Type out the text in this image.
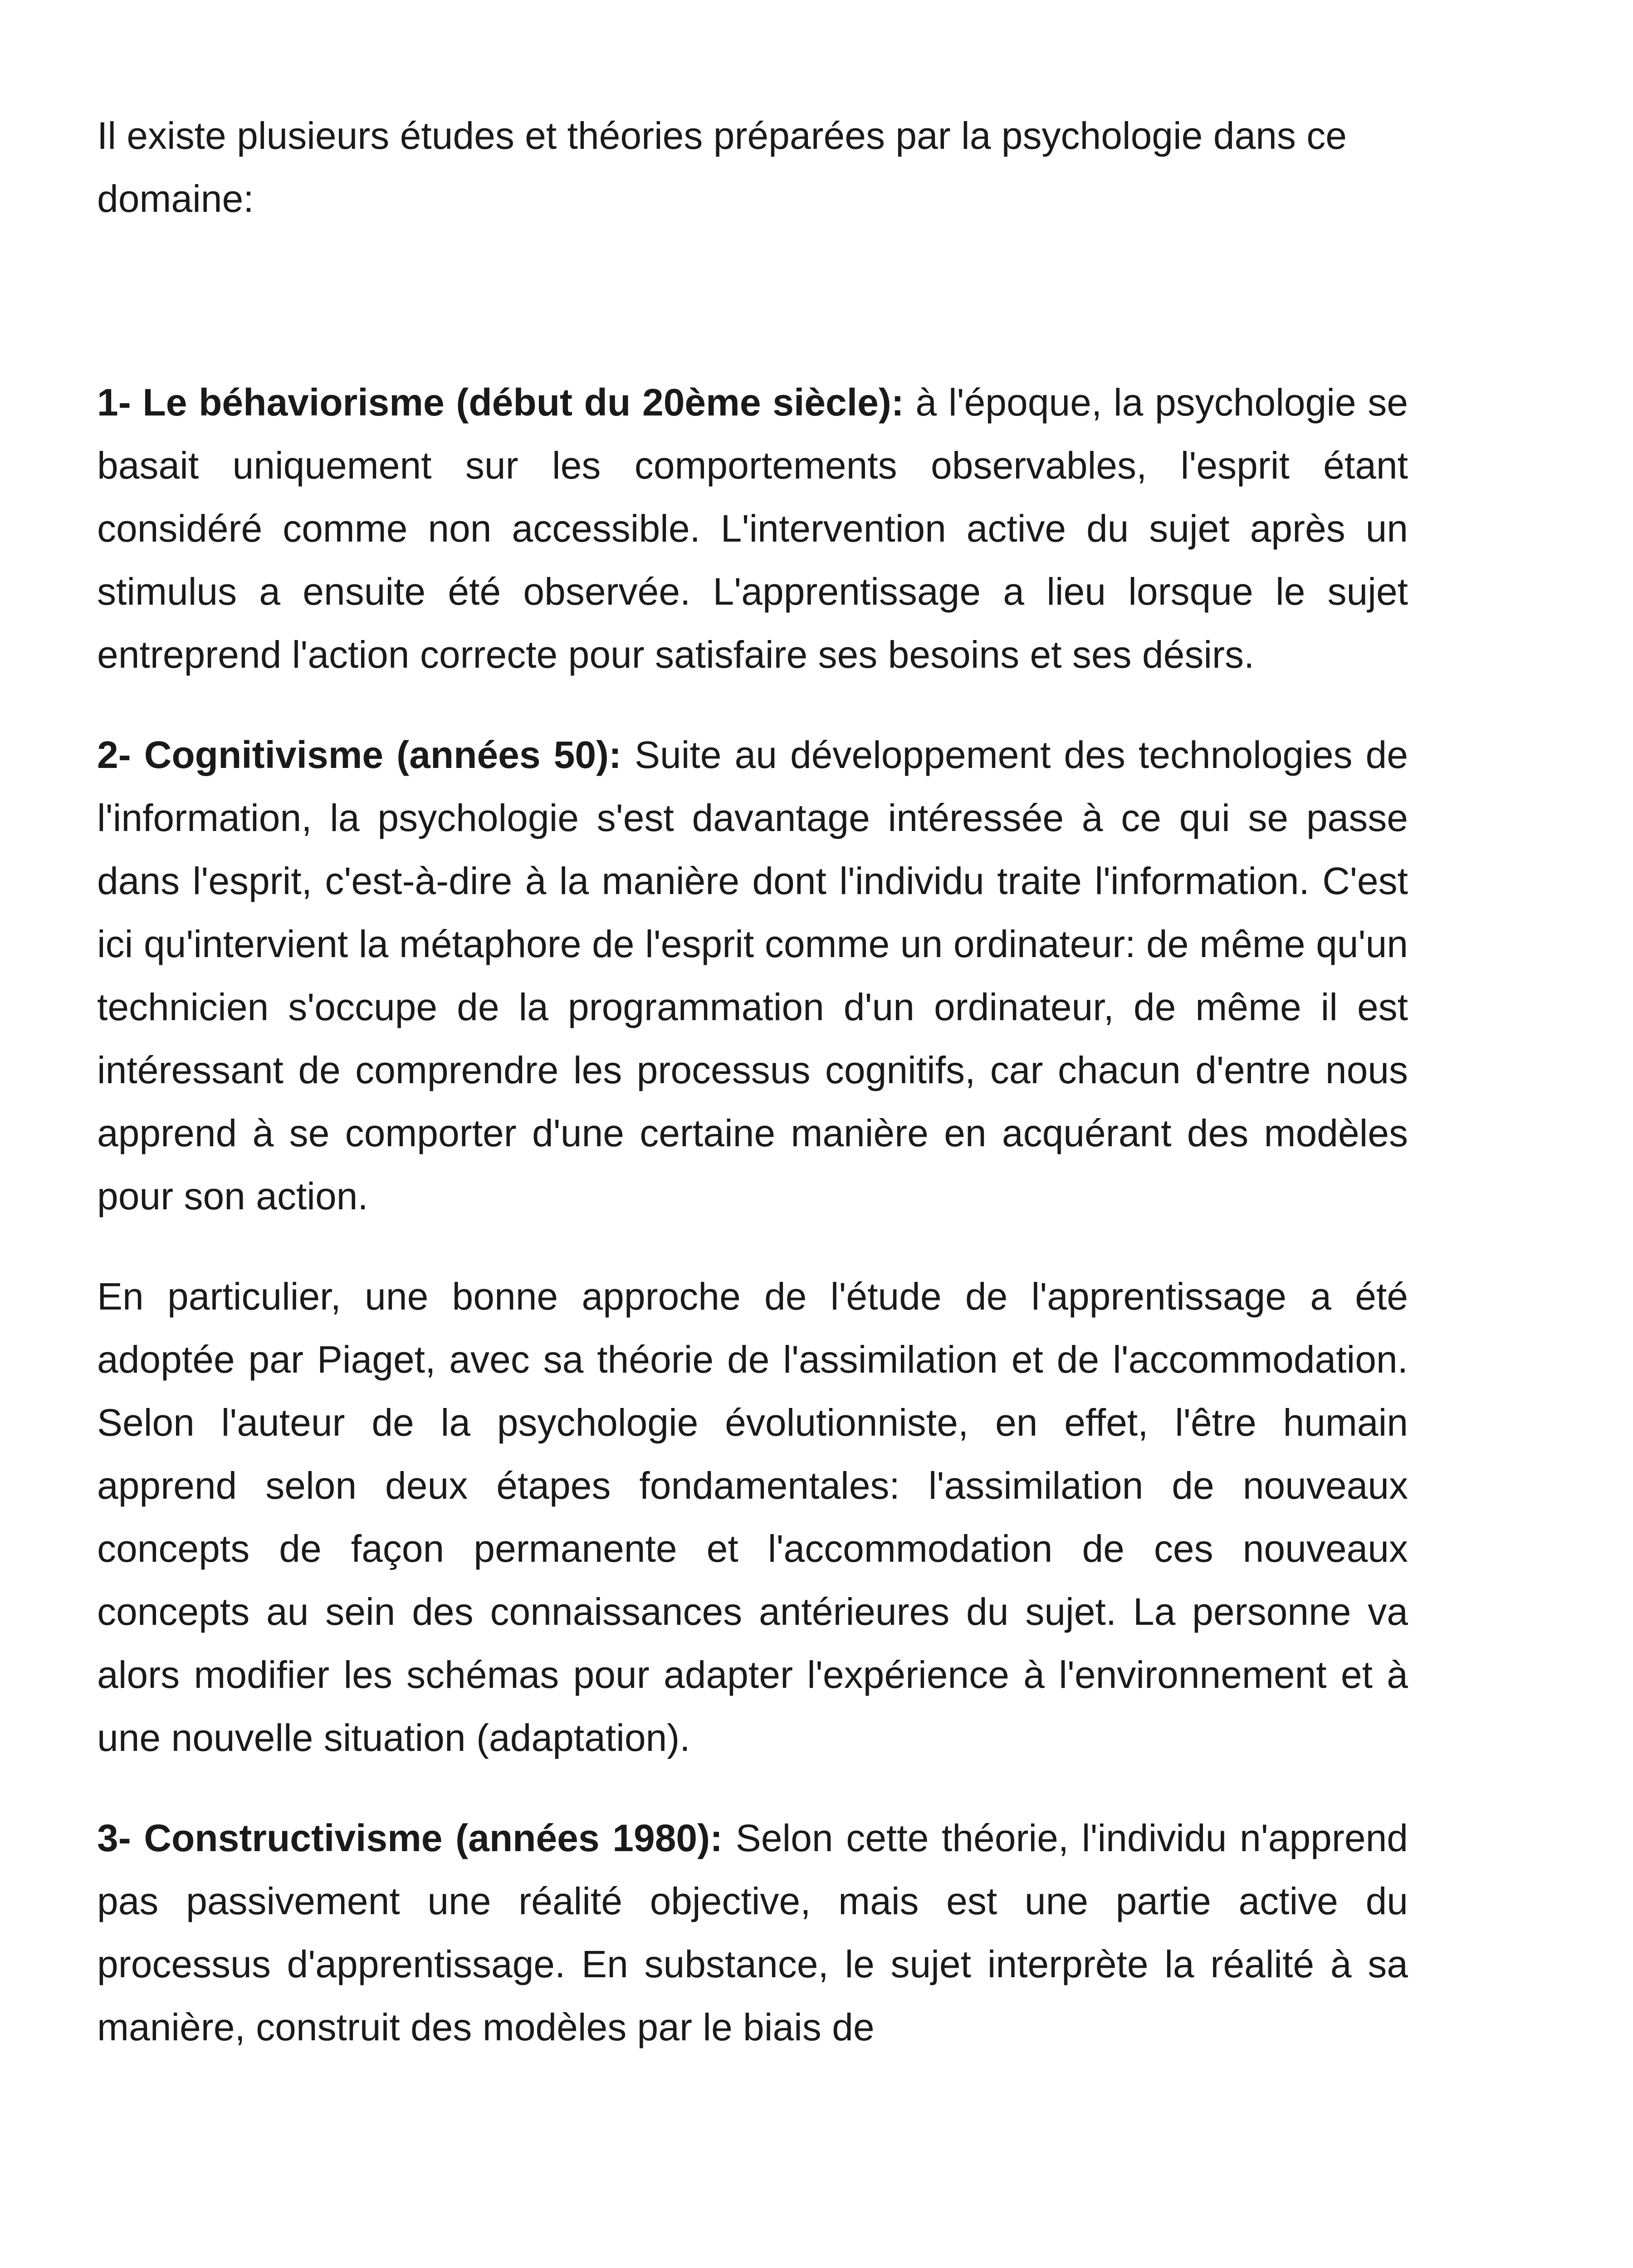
Il existe plusieurs études et théories préparées par la psychologie dans ce domaine:

1- Le béhaviorisme (début du 20ème siècle): à l'époque, la psychologie se basait uniquement sur les comportements observables, l'esprit étant considéré comme non accessible. L'intervention active du sujet après un stimulus a ensuite été observée. L'apprentissage a lieu lorsque le sujet entreprend l'action correcte pour satisfaire ses besoins et ses désirs.

2- Cognitivisme (années 50): Suite au développement des technologies de l'information, la psychologie s'est davantage intéressée à ce qui se passe dans l'esprit, c'est-à-dire à la manière dont l'individu traite l'information. C'est ici qu'intervient la métaphore de l'esprit comme un ordinateur: de même qu'un technicien s'occupe de la programmation d'un ordinateur, de même il est intéressant de comprendre les processus cognitifs, car chacun d'entre nous apprend à se comporter d'une certaine manière en acquérant des modèles pour son action.

En particulier, une bonne approche de l'étude de l'apprentissage a été adoptée par Piaget, avec sa théorie de l'assimilation et de l'accommodation. Selon l'auteur de la psychologie évolutionniste, en effet, l'être humain apprend selon deux étapes fondamentales: l'assimilation de nouveaux concepts de façon permanente et l'accommodation de ces nouveaux concepts au sein des connaissances antérieures du sujet. La personne va alors modifier les schémas pour adapter l'expérience à l'environnement et à une nouvelle situation (adaptation).

3- Constructivisme (années 1980): Selon cette théorie, l'individu n'apprend pas passivement une réalité objective, mais est une partie active du processus d'apprentissage. En substance, le sujet interprète la réalité à sa manière, construit des modèles par le biais de
